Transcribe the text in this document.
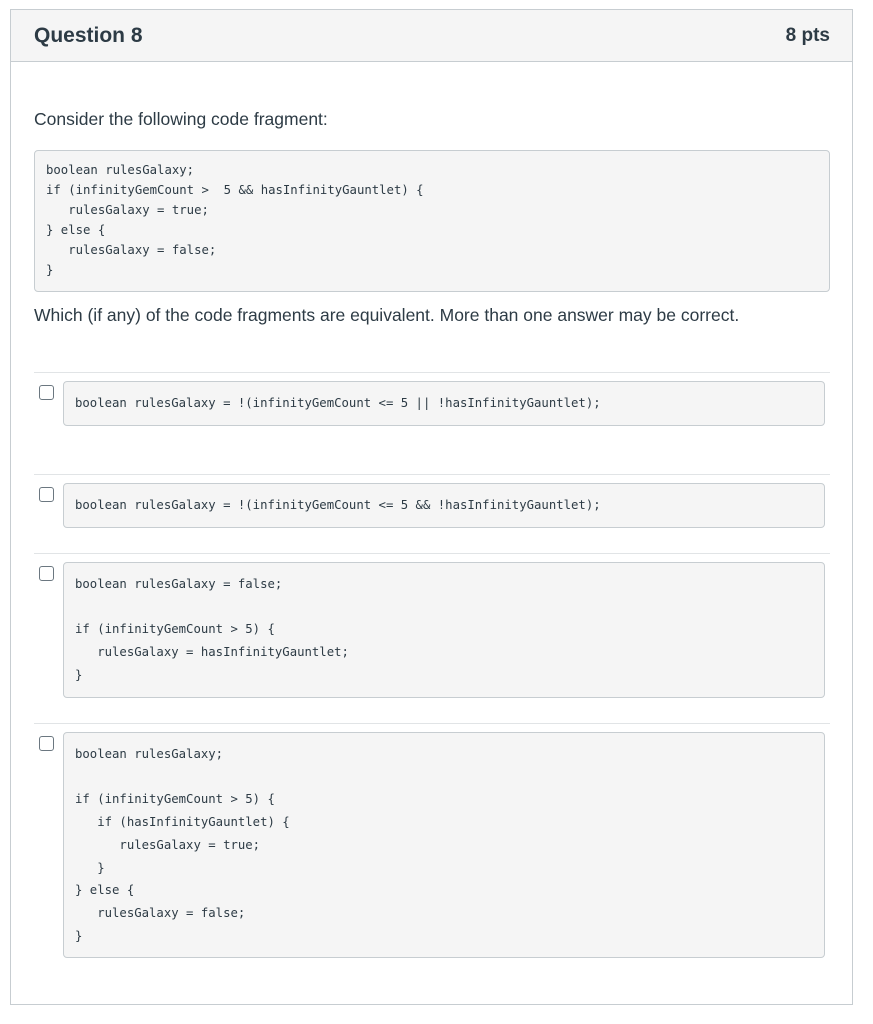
Question 8	8 pts
Consider the following code fragment:
boolean rulesGalaxy;
if (infinityGemCount >  5 && hasInfinityGauntlet) {
rulesGalaxy = true;
} else {
rulesGalaxy = false;
}
Which (if any) of the code fragments are equivalent. More than one answer may be correct.
boolean rulesGalaxy = !(infinityGemCount <= 5 || !hasInfinityGauntlet);
boolean rulesGalaxy = !(infinityGemCount <= 5 && !hasInfinityGauntlet);
boolean rulesGalaxy = false;

if (infinityGemCount > 5) {
rulesGalaxy = hasInfinityGauntlet;
}
boolean rulesGalaxy;

if (infinityGemCount > 5) {
if (hasInfinityGauntlet) {
rulesGalaxy = true;
}
} else {
rulesGalaxy = false;
}
